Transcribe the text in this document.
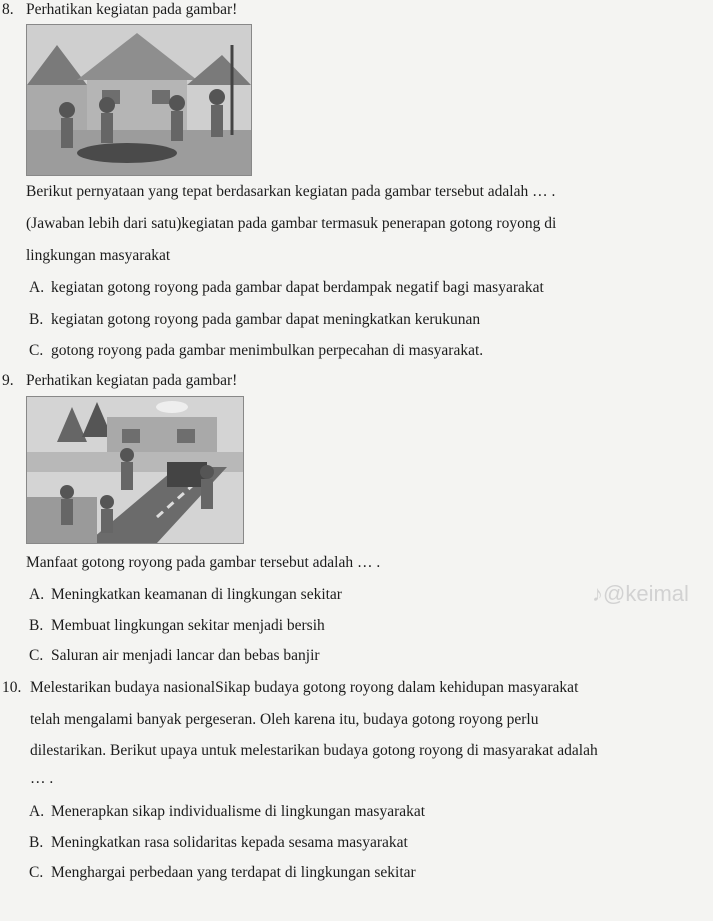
8. Perhatikan kegiatan pada gambar!
Berikut pernyataan yang tepat berdasarkan kegiatan pada gambar tersebut adalah … .
(Jawaban lebih dari satu)kegiatan pada gambar termasuk penerapan gotong royong di
lingkungan masyarakat
A. kegiatan gotong royong pada gambar dapat berdampak negatif bagi masyarakat
B. kegiatan gotong royong pada gambar dapat meningkatkan kerukunan
C. gotong royong pada gambar menimbulkan perpecahan di masyarakat.
9. Perhatikan kegiatan pada gambar!
Manfaat gotong royong pada gambar tersebut adalah … .
A. Meningkatkan keamanan di lingkungan sekitar
B. Membuat lingkungan sekitar menjadi bersih
C. Saluran air menjadi lancar dan bebas banjir
♪@keimal
10. Melestarikan budaya nasionalSikap budaya gotong royong dalam kehidupan masyarakat
telah mengalami banyak pergeseran. Oleh karena itu, budaya gotong royong perlu
dilestarikan. Berikut upaya untuk melestarikan budaya gotong royong di masyarakat adalah
… .
A. Menerapkan sikap individualisme di lingkungan masyarakat
B. Meningkatkan rasa solidaritas kepada sesama masyarakat
C. Menghargai perbedaan yang terdapat di lingkungan sekitar
